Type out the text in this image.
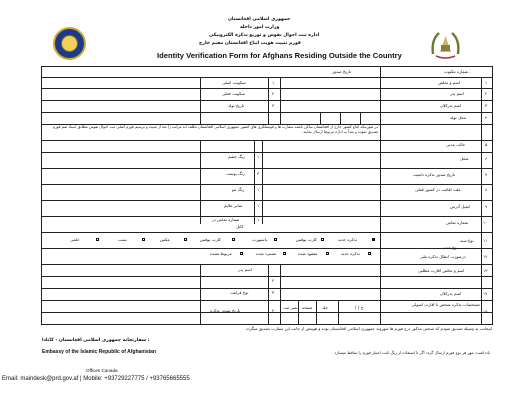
جمهوری اسلامی افغانستان
وزارت امور داخله
اداره ثبت احوال نفوس و توزیع تذکره الکترونیکی
فورم تثبیت هویت اتباع افغانستان مقیم خارج
Identity Verification Form for Afghans Residing Outside the Country
شماره مکتوب :
تاریخ صدور
۱
اسم و تخلص
۲
اسم پدر
۳
اسم پدرکلان
۴
محل تولد
۵
حالت مدنی
۶
شغل
۷
تاریخ صدور تذکره تابعیت
۸
علت اقامت در کشور فعلی
۹
ایمیل آدرس
۱۰
شماره تماس
۱
سکونت اصلی
۲
سکونت فعلی
۳
تاریخ تولد
در صورتیکه اتباع کشور خارج از افغانستان ساکن باشند سفارت ها و قونسلگری های کشور جمهوری اسلامی افغانستان مکلف اند مراتب را بعد از تثبیت و ترسیم فورم اصلی ثبت احوال نفوس مطابق اسناد ضم فورم تصدیق نموده و بعداً به اداره مربوط ارسال نمایند.
۱
رنگ چشم
۳
رنگ پوست
۱
رنگ مو
۱
سایر علایم
۱
شماره تماس در
کابل
نوع سند
تذکره جدید
کارت نوقس
پاسپورت
کارت نوقس
عکس
نسب
خلمی
تذکره جدید
مفقود شده
مسترد شده
مربوط نشده
۱۱
نوع خدمت
۱۲
درصورت ابطال تذکره ملی
۱۳
اسم و تخلص اقارب مطلبی
۱۴
اسم پدرکلان
۱۵
مشخصات تذکره شخص با اقارب اصولی
۲
اسم پدر
۳
نوع فراغت
۴
تاریخ صدور تذکره
( ) ج
جلد
صفحه
نمبر ثبت
اینجانب به وسیله تصدیق نمودم که شخص مذکور درج فورم ها شهروند جمهوری اسلامی افغانستان بوده و هویتش از جانب این سفارت تصدیق میگردد.
سفارتخانه جمهوری اسلامی افغانستان - کانادا :
Embassy of the Islamic Republic of Afghanistan	یادداشت: مهر هر نوع فورم ارسال گردد اگر با استفاده از رنگ ثابت اعتبار فورم را ساقط میسازد
Offices Canada
Email: maindesk@prd.gov.af | Mobile: +93729227775 / +93765665555
